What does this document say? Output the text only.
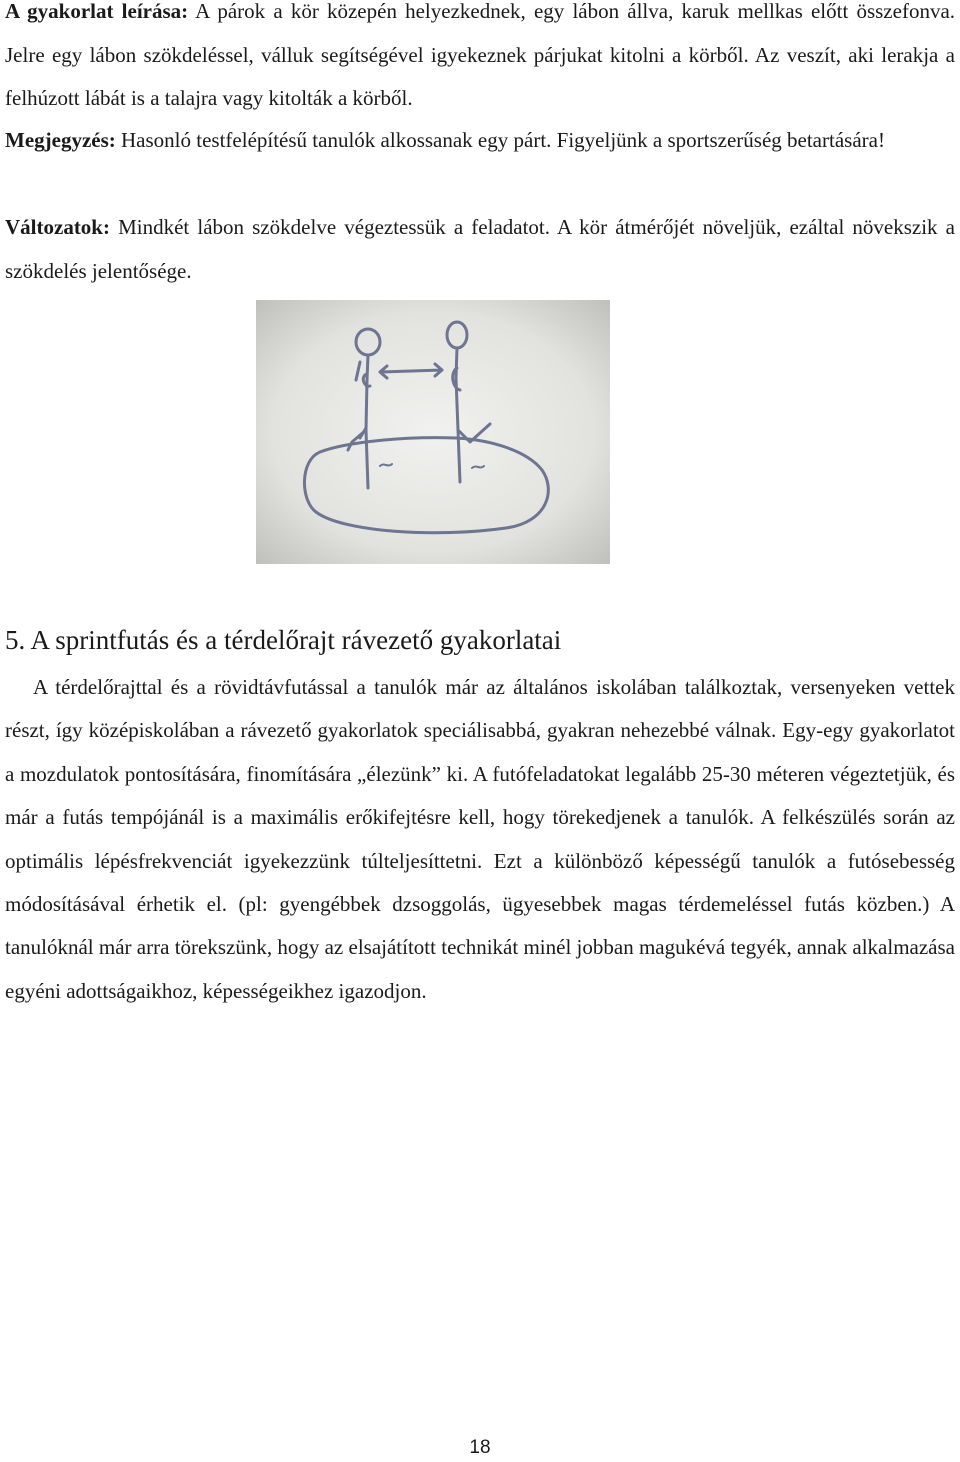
A gyakorlat leírása: A párok a kör közepén helyezkednek, egy lábon állva, karuk mellkas előtt összefonva. Jelre egy lábon szökdeléssel, válluk segítségével igyekeznek párjukat kitolni a körből. Az veszít, aki lerakja a felhúzott lábát is a talajra vagy kitolták a körből.

Megjegyzés: Hasonló testfelépítésű tanulók alkossanak egy párt. Figyeljünk a sportszerűség betartására!

Változatok: Mindkét lábon szökdelve végeztessük a feladatot. A kör átmérőjét növeljük, ezáltal növekszik a szökdelés jelentősége.

5. A sprintfutás és a térdelőrajt rávezető gyakorlatai

A térdelőrajttal és a rövidtávfutással a tanulók már az általános iskolában találkoztak, versenyeken vettek részt, így középiskolában a rávezető gyakorlatok speciálisabbá, gyakran nehezebbé válnak. Egy-egy gyakorlatot a mozdulatok pontosítására, finomítására „élezünk” ki. A futófeladatokat legalább 25-30 méteren végeztetjük, és már a futás tempójánál is a maximális erőkifejtésre kell, hogy törekedjenek a tanulók. A felkészülés során az optimális lépésfrekvenciát igyekezzünk túlteljesíttetni. Ezt a különböző képességű tanulók a futósebesség módosításával érhetik el. (pl: gyengébbek dzsoggolás, ügyesebbek magas térdemeléssel futás közben.) A tanulóknál már arra törekszünk, hogy az elsajátított technikát minél jobban magukévá tegyék, annak alkalmazása egyéni adottságaikhoz, képességeikhez igazodjon.

18
